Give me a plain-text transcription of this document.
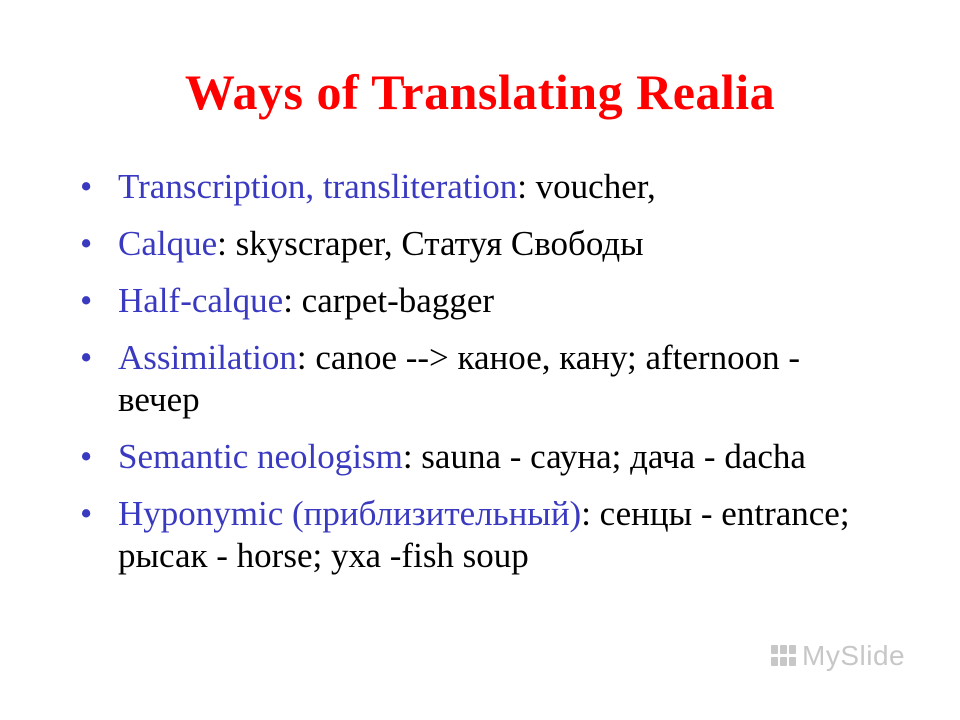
Ways of Translating Realia
• Transcription, transliteration: voucher,
• Calque: skyscraper, Статуя Свободы
• Half-calque: carpet-bagger
• Assimilation: canoe --> каное, кану; afternoon - вечер
• Semantic neologism: sauna - сауна; дача - dacha
• Hyponymic (приблизительный): сенцы - entrance; рысак - horse; уха -fish soup
MySlide
